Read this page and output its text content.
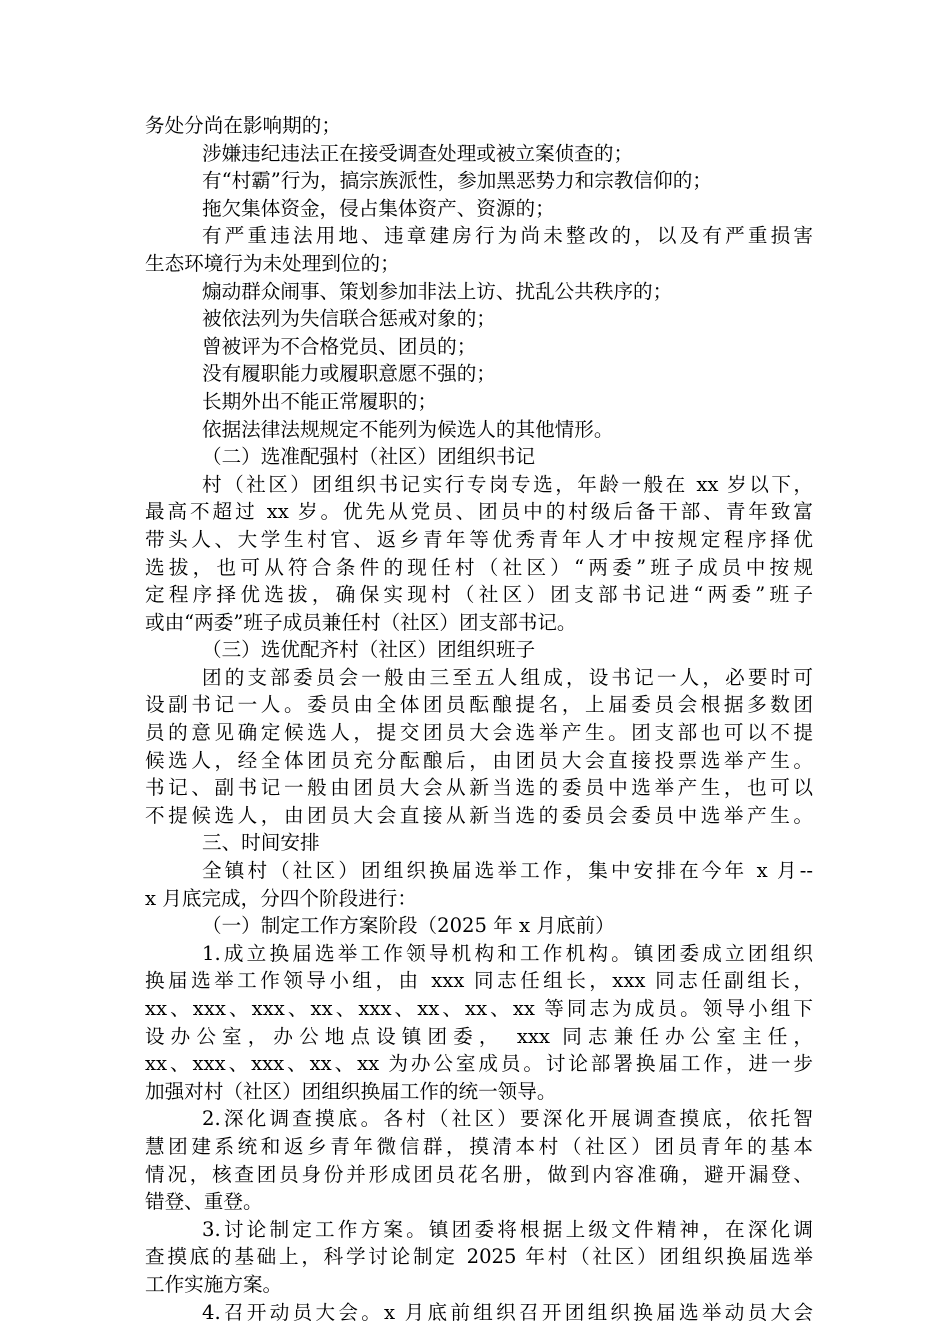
务处分尚在影响期的；
涉嫌违纪违法正在接受调查处理或被立案侦查的；
有“村霸”行为，搞宗族派性，参加黑恶势力和宗教信仰的；
拖欠集体资金，侵占集体资产、资源的；
有严重违法用地、违章建房行为尚未整改的，以及有严重损害
生态环境行为未处理到位的；
煽动群众闹事、策划参加非法上访、扰乱公共秩序的；
被依法列为失信联合惩戒对象的；
曾被评为不合格党员、团员的；
没有履职能力或履职意愿不强的；
长期外出不能正常履职的；
依据法律法规规定不能列为候选人的其他情形。
（二）选准配强村（社区）团组织书记
村（社区）团组织书记实行专岗专选，年龄一般在 xx 岁以下，
最高不超过 xx 岁。优先从党员、团员中的村级后备干部、青年致富
带头人、大学生村官、返乡青年等优秀青年人才中按规定程序择优
选拔，也可从符合条件的现任村（社区）“两委”班子成员中按规
定程序择优选拔，确保实现村（社区）团支部书记进“两委”班子
或由“两委”班子成员兼任村（社区）团支部书记。
（三）选优配齐村（社区）团组织班子
团的支部委员会一般由三至五人组成，设书记一人，必要时可
设副书记一人。委员由全体团员酝酿提名，上届委员会根据多数团
员的意见确定候选人，提交团员大会选举产生。团支部也可以不提
候选人，经全体团员充分酝酿后，由团员大会直接投票选举产生。
书记、副书记一般由团员大会从新当选的委员中选举产生，也可以
不提候选人，由团员大会直接从新当选的委员会委员中选举产生。
三、时间安排
全镇村（社区）团组织换届选举工作，集中安排在今年 x 月--
x 月底完成，分四个阶段进行：
（一）制定工作方案阶段（2025 年 x 月底前）
1.成立换届选举工作领导机构和工作机构。镇团委成立团组织
换届选举工作领导小组，由 xxx 同志任组长，xxx 同志任副组长，
xx、xxx、xxx、xx、xxx、xx、xx、xx 等同志为成员。领导小组下
设办公室，办公地点设镇团委， xxx 同志兼任办公室主任，
xx、xxx、xxx、xx、xx 为办公室成员。讨论部署换届工作，进一步
加强对村（社区）团组织换届工作的统一领导。
2.深化调查摸底。各村（社区）要深化开展调查摸底，依托智
慧团建系统和返乡青年微信群，摸清本村（社区）团员青年的基本
情况，核查团员身份并形成团员花名册，做到内容准确，避开漏登、
错登、重登。
3.讨论制定工作方案。镇团委将根据上级文件精神，在深化调
查摸底的基础上，科学讨论制定 2025 年村（社区）团组织换届选举
工作实施方案。
4.召开动员大会。x 月底前组织召开团组织换届选举动员大会
